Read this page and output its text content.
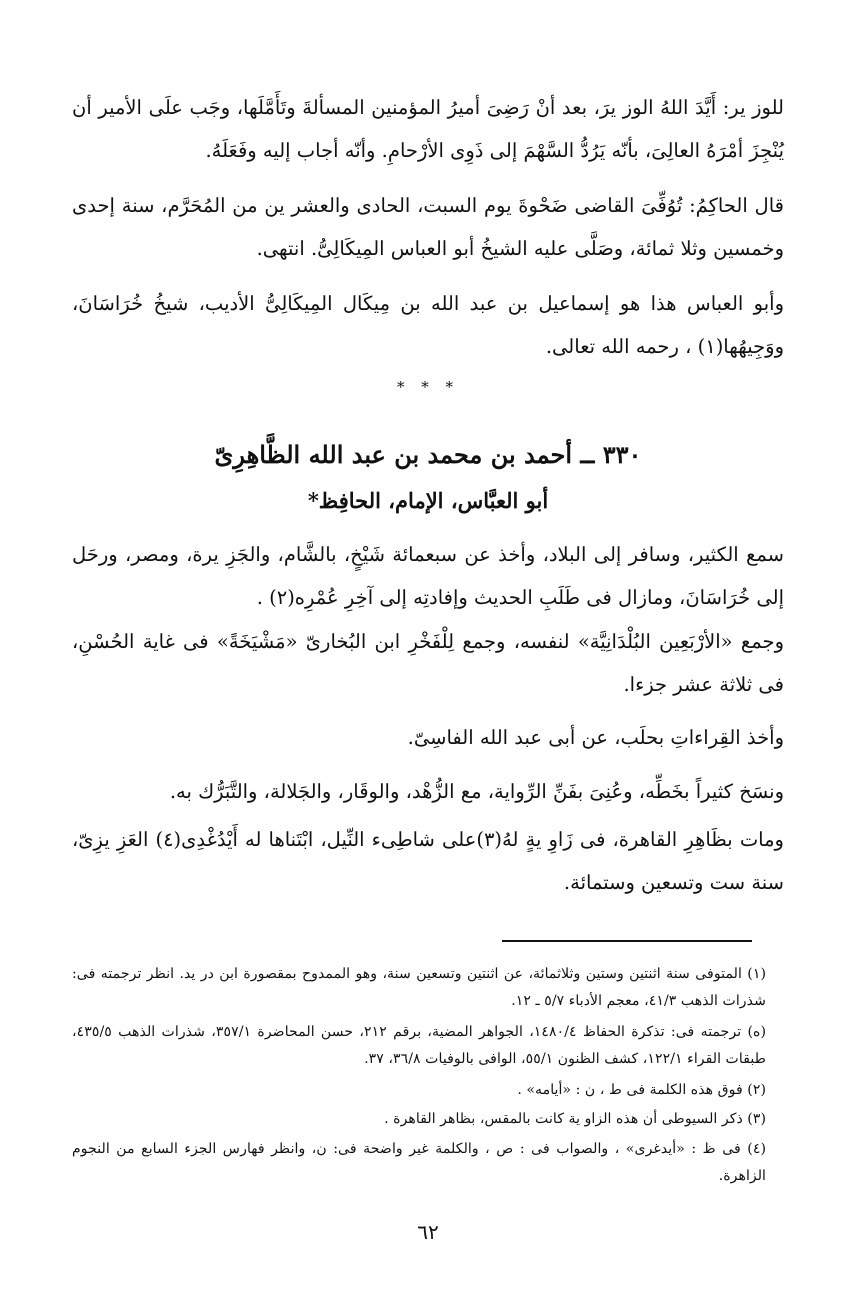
للوز ير: أَيَّدَ اللهُ الوز يرَ، بعد أنْ رَضِىَ أميرُ المؤمنين المسألةَ وتَأَمَّلَها، وجَب علَى الأمير أن يُنْجِزَ أمْرَهُ العالِىَ، بأنّه يَرُدُّ السَّهْمَ إلى ذَوِى الأرْحامِ. وأنّه أجاب إليه وفَعَلَهُ.

قال الحاكِمُ: تُوُفِّىَ القاضى ضَحْوةَ يوم السبت، الحادى والعشر ين من المُحَرَّم، سنة إحدى وخمسين وثلا ثمائة، وصَلَّى عليه الشيخُ أبو العباس المِيكَالِىُّ. انتهى.

وأبو العباس هذا هو إسماعيل بن عبد الله بن مِيكَال المِيكَالِىُّ الأديب، شيخُ خُرَاسَانَ، ووَجِيهُها(١) ، رحمه الله تعالى.

* * *
٣٣٠ ــ أحمد بن محمد بن عبد الله الظَّاهِرِىّ
أبو العبَّاس، الإمام، الحافِظ*

سمع الكثير، وسافر إلى البلاد، وأخذ عن سبعمائة شَيْخٍ، بالشَّام، والجَزِ يرة، ومصر، ورحَل إلى خُرَاسَانَ، ومازال فى طَلَبِ الحديث وإفادتِه إلى آخِرِ عُمْرِه(٢) .

وجمع «الأرْبَعِين البُلْدَانِيَّة» لنفسه، وجمع لِلْفَخْرِ ابن البُخارىّ «مَشْيَخَةً» فى غاية الحُسْنِ، فى ثلاثة عشر جزءا.

وأخذ القِراءاتِ بحلَب، عن أبى عبد الله الفاسِىّ.

ونسَخ كثيراً بخَطِّه، وعُنِىَ بفَنِّ الرِّواية، مع الزُّهْد، والوقَار، والجَلالة، والتَّبَرُّك به.

ومات بظَاهِرِ القاهرة، فى زَاوِ يةٍ لهُ(٣)على شاطِىء النِّيل، ابْتَناها له أَيْدُغْدِى(٤) العَزِ يزِىّ، سنة ست وتسعين وستمائة.

(١) المتوفى سنة اثنتين وستين وثلاثمائة، عن اثنتين وتسعين سنة، وهو الممدوح بمقصورة ابن در يد. انظر ترجمته فى: شذرات الذهب ٤١/٣، معجم الأدباء ٥/٧ ـ ١٢.

(ه) ترجمته فى: تذكرة الحفاظ ١٤٨٠/٤، الجواهر المضية، برقم ٢١٢، حسن المحاضرة ٣٥٧/١، شذرات الذهب ٤٣٥/٥، طبقات القراء ١٢٢/١، كشف الظنون ٥٥/١، الوافى بالوفيات ٣٦/٨، ٣٧.

(٢) فوق هذه الكلمة فى ط ، ن : «أيامه» .

(٣) ذكر السيوطى أن هذه الزاو ية كانت بالمقس، بظاهر القاهرة .

(٤) فى ظ : «أيدغرى» ، والصواب فى : ص ، والكلمة غير واضحة فى: ن، وانظر فهارس الجزء السابع من النجوم الزاهرة.

٦٢
